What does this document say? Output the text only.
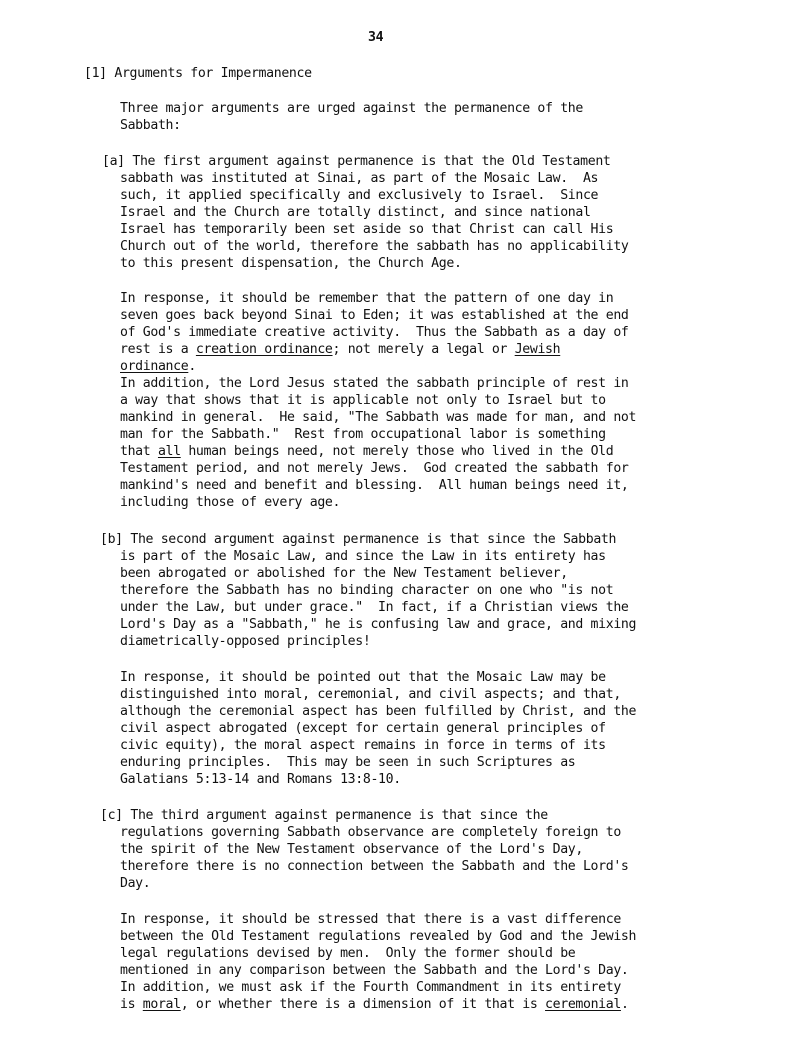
34
[1] Arguments for Impermanence
Three major arguments are urged against the permanence of the
Sabbath:
[a] The first argument against permanence is that the Old Testament
sabbath was instituted at Sinai, as part of the Mosaic Law.  As
such, it applied specifically and exclusively to Israel.  Since
Israel and the Church are totally distinct, and since national
Israel has temporarily been set aside so that Christ can call His
Church out of the world, therefore the sabbath has no applicability
to this present dispensation, the Church Age.
In response, it should be remember that the pattern of one day in
seven goes back beyond Sinai to Eden; it was established at the end
of God's immediate creative activity.  Thus the Sabbath as a day of
rest is a creation ordinance; not merely a legal or Jewish
ordinance.
In addition, the Lord Jesus stated the sabbath principle of rest in
a way that shows that it is applicable not only to Israel but to
mankind in general.  He said, "The Sabbath was made for man, and not
man for the Sabbath."  Rest from occupational labor is something
that all human beings need, not merely those who lived in the Old
Testament period, and not merely Jews.  God created the sabbath for
mankind's need and benefit and blessing.  All human beings need it,
including those of every age.
[b] The second argument against permanence is that since the Sabbath
is part of the Mosaic Law, and since the Law in its entirety has
been abrogated or abolished for the New Testament believer,
therefore the Sabbath has no binding character on one who "is not
under the Law, but under grace."  In fact, if a Christian views the
Lord's Day as a "Sabbath," he is confusing law and grace, and mixing
diametrically-opposed principles!
In response, it should be pointed out that the Mosaic Law may be
distinguished into moral, ceremonial, and civil aspects; and that,
although the ceremonial aspect has been fulfilled by Christ, and the
civil aspect abrogated (except for certain general principles of
civic equity), the moral aspect remains in force in terms of its
enduring principles.  This may be seen in such Scriptures as
Galatians 5:13-14 and Romans 13:8-10.
[c] The third argument against permanence is that since the
regulations governing Sabbath observance are completely foreign to
the spirit of the New Testament observance of the Lord's Day,
therefore there is no connection between the Sabbath and the Lord's
Day.
In response, it should be stressed that there is a vast difference
between the Old Testament regulations revealed by God and the Jewish
legal regulations devised by men.  Only the former should be
mentioned in any comparison between the Sabbath and the Lord's Day.
In addition, we must ask if the Fourth Commandment in its entirety
is moral, or whether there is a dimension of it that is ceremonial.
